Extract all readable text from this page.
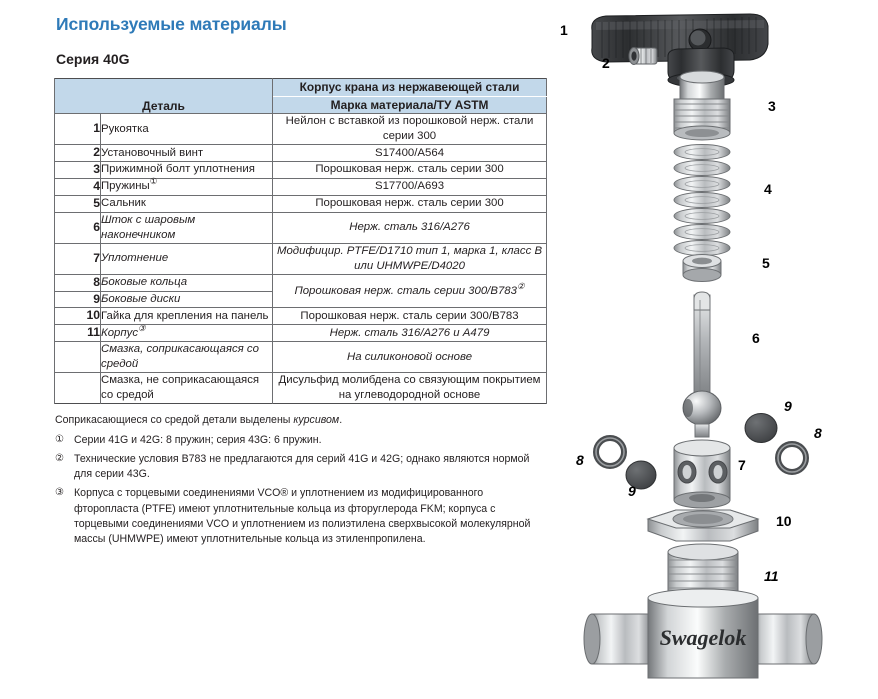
Используемые материалы
Серия 40G
Деталь		Корпус крана из нержавеющей стали
		Марка материала/ТУ ASTM
1	Рукоятка	Нейлон с вставкой из порошковой нерж. стали серии 300
2	Установочный винт	S17400/A564
3	Прижимной болт уплотнения	Порошковая нерж. сталь серии 300
4	Пружины①	S17700/A693
5	Сальник	Порошковая нерж. сталь серии 300
6	Шток с шаровым наконечником	Нерж. сталь 316/A276
7	Уплотнение	Модифицир. PTFE/D1710 тип 1, марка 1, класс B или UHMWPE/D4020
8	Боковые кольца	Порошковая нерж. сталь серии 300/B783②
9	Боковые диски	
10	Гайка для крепления на панель	Порошковая нерж. сталь серии 300/B783
11	Корпус③	Нерж. сталь 316/A276 и A479
	Смазка, соприкасающаяся со средой	На силиконовой основе
	Смазка, не соприкасающаяся со средой	Дисульфид молибдена со связующим покрытием на углеводородной основе

Соприкасающиеся со средой детали выделены курсивом.

① Серии 41G и 42G: 8 пружин; серия 43G: 6 пружин.
② Технические условия B783 не предлагаются для серий 41G и 42G; однако являются нормой для серии 43G.
③ Корпуса с торцевыми соединениями VCO® и уплотнением из модифицированного фторопласта (PTFE) имеют уплотнительные кольца из фторуглерода FKM; корпуса с торцевыми соединениями VCO и уплотнением из полиэтилена сверхвысокой молекулярной массы (UHMWPE) имеют уплотнительные кольца из этиленпропилена.
Swagelok
1
2
3
4
5
6
7
8
8
9
9
10
11
